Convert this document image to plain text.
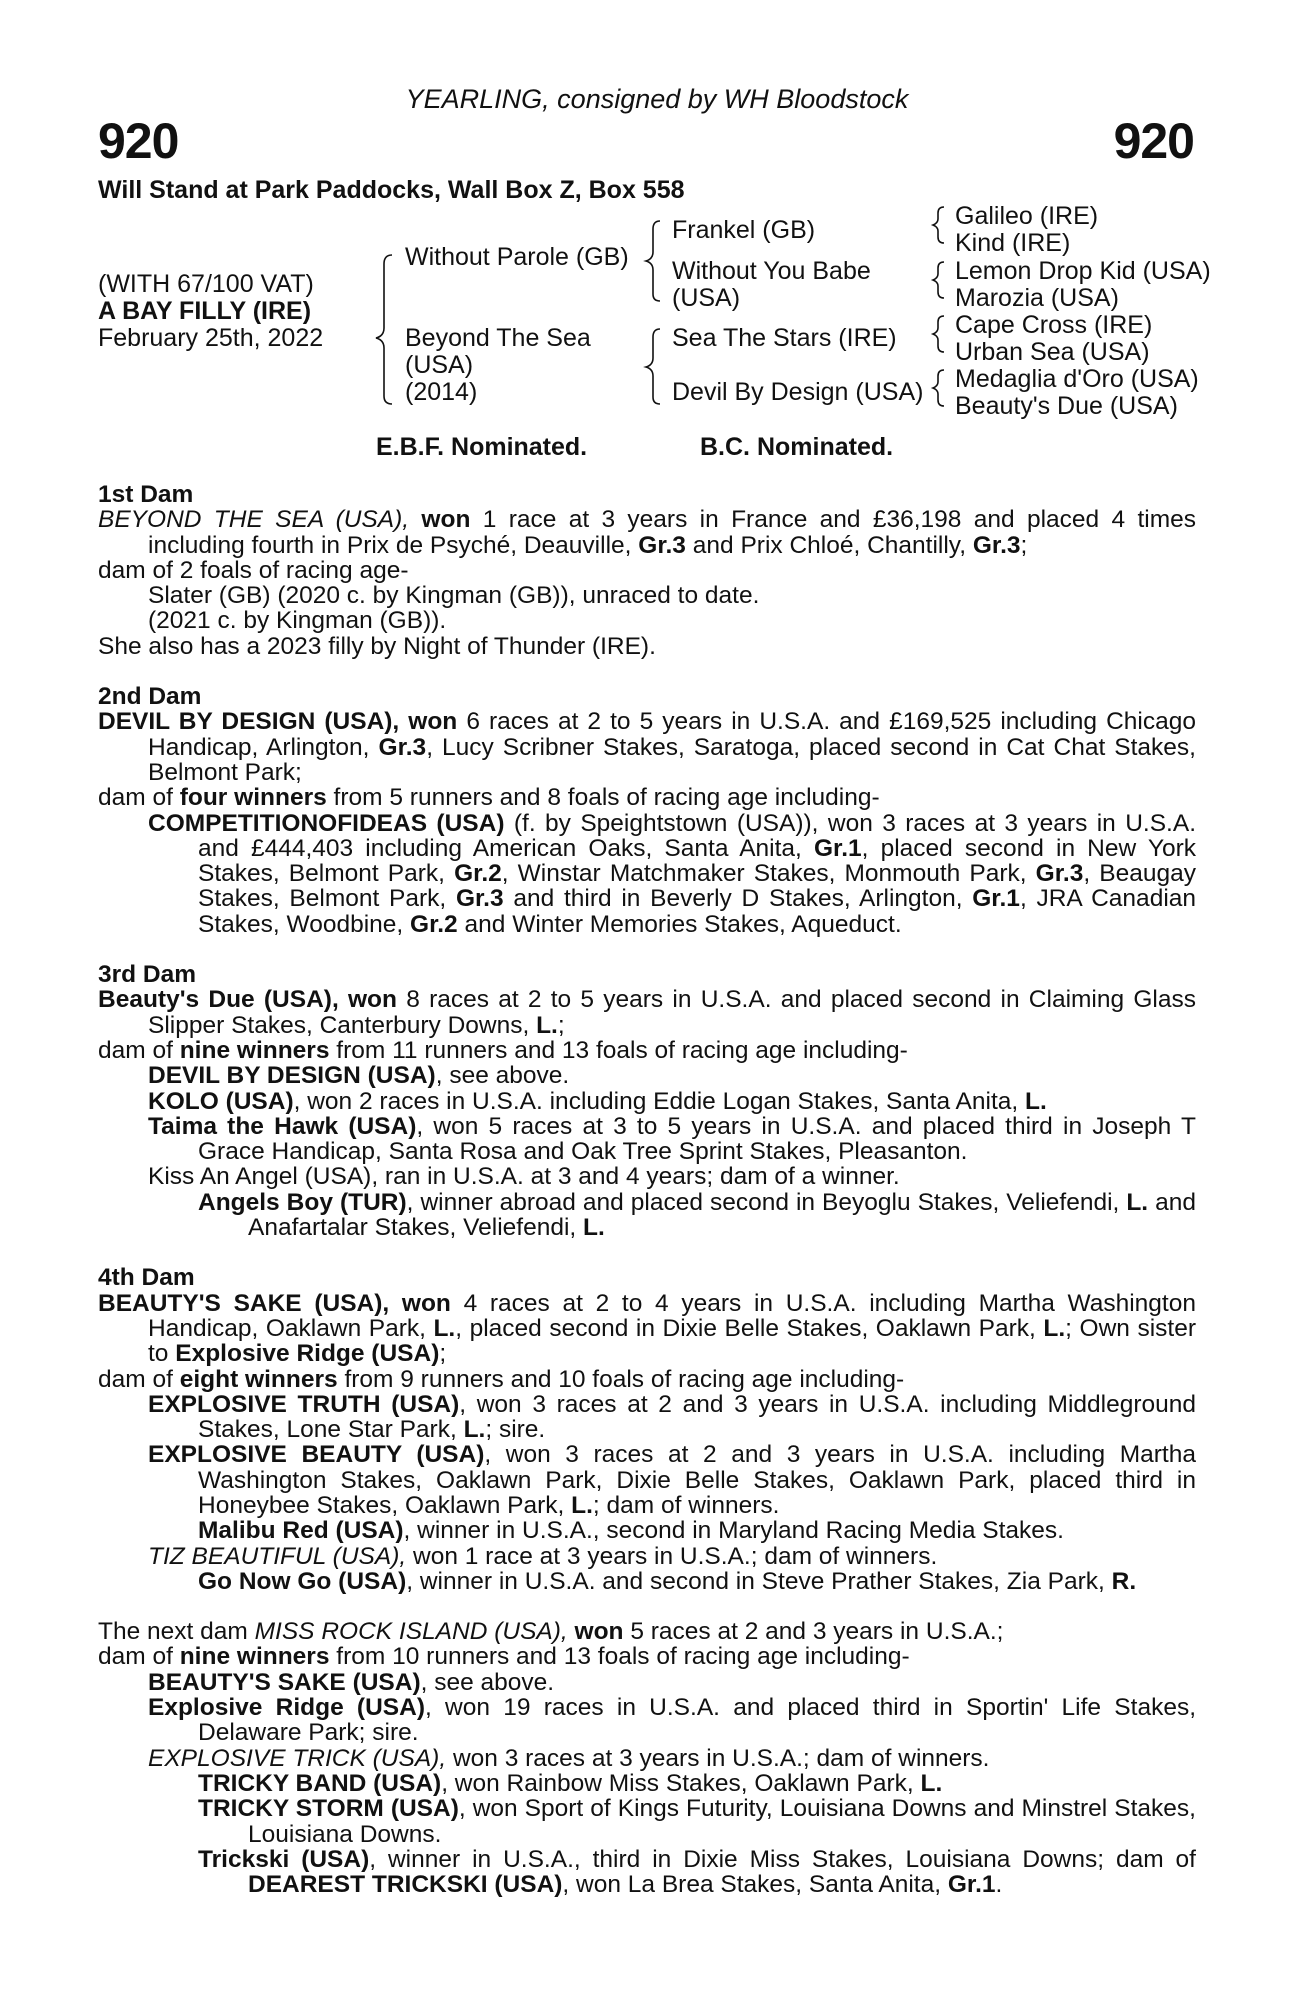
YEARLING, consigned by WH Bloodstock
920	920
Will Stand at Park Paddocks, Wall Box Z, Box 558
(WITH 67/100 VAT)
A BAY FILLY (IRE)
February 25th, 2022
Without Parole (GB)
Beyond The Sea
(USA)
(2014)
Frankel (GB)
Without You Babe
(USA)
Sea The Stars (IRE)
Devil By Design (USA)
Galileo (IRE)
Kind (IRE)
Lemon Drop Kid (USA)
Marozia (USA)
Cape Cross (IRE)
Urban Sea (USA)
Medaglia d'Oro (USA)
Beauty's Due (USA)
E.B.F. Nominated.	B.C. Nominated.
1st Dam
BEYOND THE SEA (USA), won 1 race at 3 years in France and £36,198 and placed 4 times including fourth in Prix de Psyché, Deauville, Gr.3 and Prix Chloé, Chantilly, Gr.3;
dam of 2 foals of racing age-
Slater (GB) (2020 c. by Kingman (GB)), unraced to date.
(2021 c. by Kingman (GB)).
She also has a 2023 filly by Night of Thunder (IRE).
2nd Dam
DEVIL BY DESIGN (USA), won 6 races at 2 to 5 years in U.S.A. and £169,525 including Chicago Handicap, Arlington, Gr.3, Lucy Scribner Stakes, Saratoga, placed second in Cat Chat Stakes, Belmont Park;
dam of four winners from 5 runners and 8 foals of racing age including-
COMPETITIONOFIDEAS (USA) (f. by Speightstown (USA)), won 3 races at 3 years in U.S.A. and £444,403 including American Oaks, Santa Anita, Gr.1, placed second in New York Stakes, Belmont Park, Gr.2, Winstar Matchmaker Stakes, Monmouth Park, Gr.3, Beaugay Stakes, Belmont Park, Gr.3 and third in Beverly D Stakes, Arlington, Gr.1, JRA Canadian Stakes, Woodbine, Gr.2 and Winter Memories Stakes, Aqueduct.
3rd Dam
Beauty's Due (USA), won 8 races at 2 to 5 years in U.S.A. and placed second in Claiming Glass Slipper Stakes, Canterbury Downs, L.;
dam of nine winners from 11 runners and 13 foals of racing age including-
DEVIL BY DESIGN (USA), see above.
KOLO (USA), won 2 races in U.S.A. including Eddie Logan Stakes, Santa Anita, L.
Taima the Hawk (USA), won 5 races at 3 to 5 years in U.S.A. and placed third in Joseph T Grace Handicap, Santa Rosa and Oak Tree Sprint Stakes, Pleasanton.
Kiss An Angel (USA), ran in U.S.A. at 3 and 4 years; dam of a winner.
Angels Boy (TUR), winner abroad and placed second in Beyoglu Stakes, Veliefendi, L. and Anafartalar Stakes, Veliefendi, L.
4th Dam
BEAUTY'S SAKE (USA), won 4 races at 2 to 4 years in U.S.A. including Martha Washington Handicap, Oaklawn Park, L., placed second in Dixie Belle Stakes, Oaklawn Park, L.; Own sister to Explosive Ridge (USA);
dam of eight winners from 9 runners and 10 foals of racing age including-
EXPLOSIVE TRUTH (USA), won 3 races at 2 and 3 years in U.S.A. including Middleground Stakes, Lone Star Park, L.; sire.
EXPLOSIVE BEAUTY (USA), won 3 races at 2 and 3 years in U.S.A. including Martha Washington Stakes, Oaklawn Park, Dixie Belle Stakes, Oaklawn Park, placed third in Honeybee Stakes, Oaklawn Park, L.; dam of winners.
Malibu Red (USA), winner in U.S.A., second in Maryland Racing Media Stakes.
TIZ BEAUTIFUL (USA), won 1 race at 3 years in U.S.A.; dam of winners.
Go Now Go (USA), winner in U.S.A. and second in Steve Prather Stakes, Zia Park, R.
The next dam MISS ROCK ISLAND (USA), won 5 races at 2 and 3 years in U.S.A.;
dam of nine winners from 10 runners and 13 foals of racing age including-
BEAUTY'S SAKE (USA), see above.
Explosive Ridge (USA), won 19 races in U.S.A. and placed third in Sportin' Life Stakes, Delaware Park; sire.
EXPLOSIVE TRICK (USA), won 3 races at 3 years in U.S.A.; dam of winners.
TRICKY BAND (USA), won Rainbow Miss Stakes, Oaklawn Park, L.
TRICKY STORM (USA), won Sport of Kings Futurity, Louisiana Downs and Minstrel Stakes, Louisiana Downs.
Trickski (USA), winner in U.S.A., third in Dixie Miss Stakes, Louisiana Downs; dam of DEAREST TRICKSKI (USA), won La Brea Stakes, Santa Anita, Gr.1.
